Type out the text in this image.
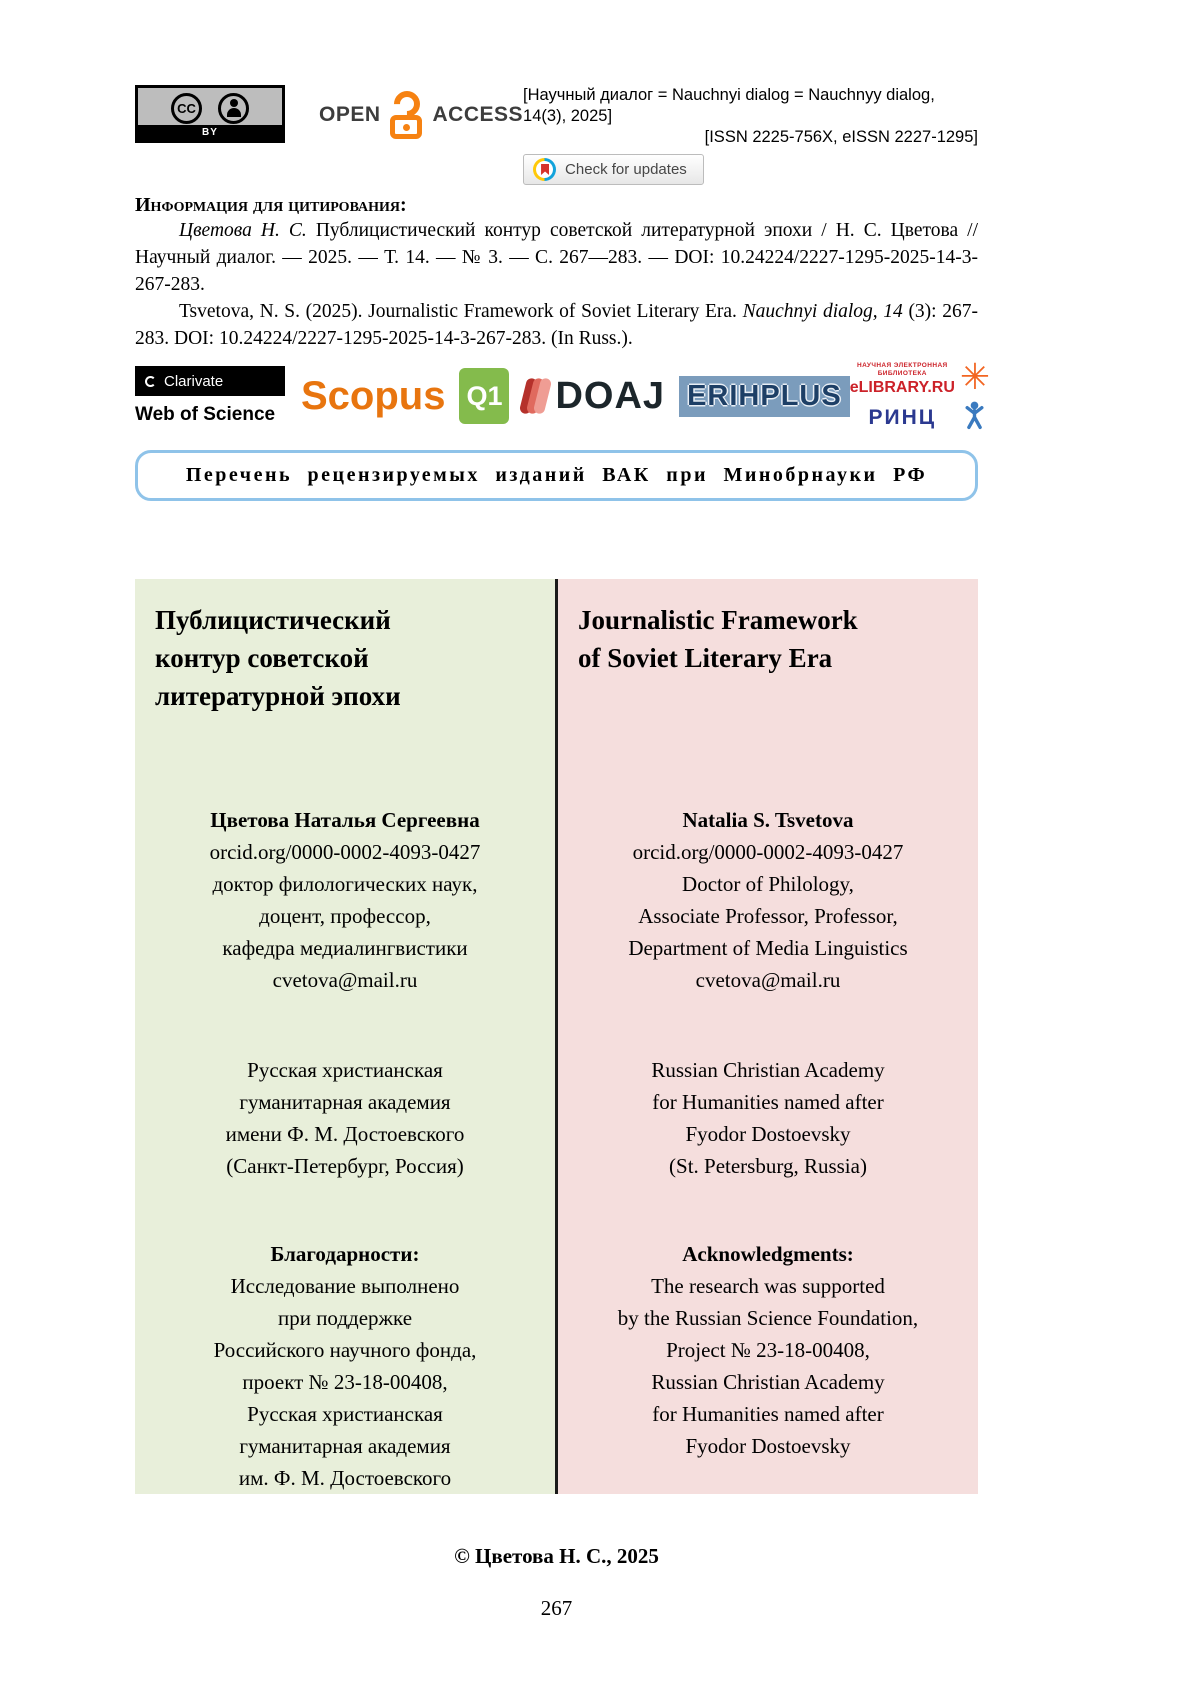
CC
BY
OPEN ACCESS
[Научный диалог = Nauchnyi dialog = Nauchnyy dialog, 14(3), 2025]
[ISSN 2225-756X, eISSN 2227-1295]
Check for updates
Информация для цитирования:

Цветова Н. С. Публицистический контур советской литературной эпохи / Н. С. Цветова // Научный диалог. — 2025. — Т. 14. — № 3. — С. 267—283. — DOI: 10.24224/2227-1295-2025-14-3-267-283.

Tsvetova, N. S. (2025). Journalistic Framework of Soviet Literary Era. Nauchnyi dialog, 14 (3): 267-283. DOI: 10.24224/2227-1295-2025-14-3-267-283. (In Russ.).

Clarivate
Web of Science Scopus Q1 DOAJ ERIHPLUS
НАУЧНАЯ ЭЛЕКТРОННАЯ БИБЛИОТЕКА
eLIBRARY.RU
РИНЦ
✳
Перечень рецензируемых изданий ВАК при Минобрнауки РФ
Публицистический
контур советской
литературной эпохи
Цветова Наталья Сергеевна
orcid.org/0000-0002-4093-0427
доктор филологических наук,
доцент, профессор,
кафедра медиалингвистики
cvetova@mail.ru
Русская христианская
гуманитарная академия
имени Ф. М. Достоевского
(Санкт-Петербург, Россия)
Благодарности:
Исследование выполнено
при поддержке
Российского научного фонда,
проект № 23-18-00408,
Русская христианская
гуманитарная академия
им. Ф. М. Достоевского
Journalistic Framework
of Soviet Literary Era
Natalia S. Tsvetova
orcid.org/0000-0002-4093-0427
Doctor of Philology,
Associate Professor, Professor,
Department of Media Linguistics
cvetova@mail.ru
Russian Christian Academy
for Humanities named after
Fyodor Dostoevsky
(St. Petersburg, Russia)
Acknowledgments:
The research was supported
by the Russian Science Foundation,
Project № 23-18-00408,
Russian Christian Academy
for Humanities named after
Fyodor Dostoevsky
© Цветова Н. С., 2025
267
